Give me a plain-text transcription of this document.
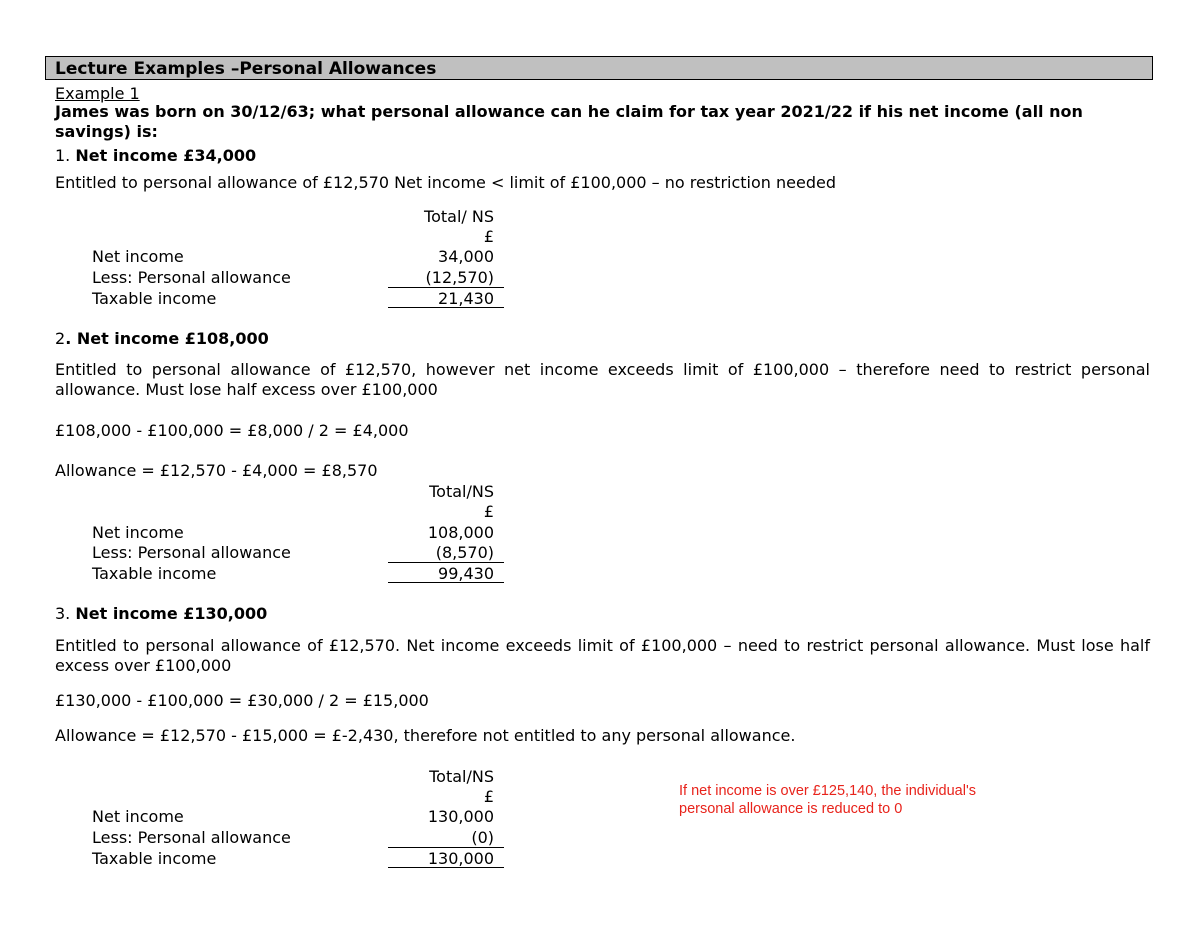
Lecture Examples –Personal Allowances
Example 1
James was born on 30/12/63; what personal allowance can he claim for tax year 2021/22 if his net income (all non savings) is:
1. Net income £34,000
Entitled to personal allowance of £12,570 Net income < limit of £100,000 – no restriction needed
Total/ NS
£
Net income	34,000
Less: Personal allowance	(12,570)
Taxable income	21,430
2. Net income £108,000
Entitled to personal allowance of £12,570, however net income exceeds limit of £100,000 – therefore need to restrict personal allowance. Must lose half excess over £100,000
£108,000 - £100,000 = £8,000 / 2 = £4,000
Allowance = £12,570 - £4,000 = £8,570
Total/NS
£
Net income	108,000
Less: Personal allowance	(8,570)
Taxable income	99,430
3. Net income £130,000
Entitled to personal allowance of £12,570. Net income exceeds limit of £100,000 – need to restrict personal allowance. Must lose half excess over £100,000
£130,000 - £100,000 = £30,000 / 2 = £15,000
Allowance = £12,570 - £15,000 = £-2,430, therefore not entitled to any personal allowance.
Total/NS
£
Net income	130,000
Less: Personal allowance	(0)
Taxable income	130,000
If net income is over £125,140, the individual's
personal allowance is reduced to 0
